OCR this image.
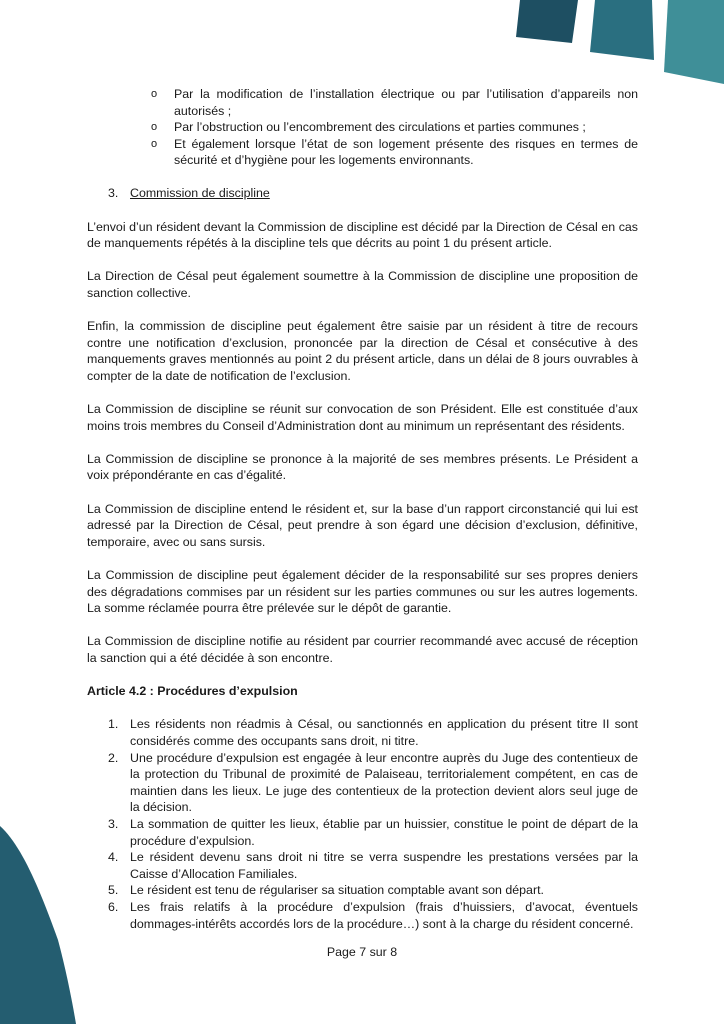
o Par la modification de l’installation électrique ou par l’utilisation d’appareils non autorisés ;
o Par l’obstruction ou l’encombrement des circulations et parties communes ;
o Et également lorsque l’état de son logement présente des risques en termes de sécurité et d’hygiène pour les logements environnants.
3. Commission de discipline

L’envoi d’un résident devant la Commission de discipline est décidé par la Direction de Césal en cas de manquements répétés à la discipline tels que décrits au point 1 du présent article.

La Direction de Césal peut également soumettre à la Commission de discipline une proposition de sanction collective.

Enfin, la commission de discipline peut également être saisie par un résident à titre de recours contre une notification d’exclusion, prononcée par la direction de Césal et consécutive à des manquements graves mentionnés au point 2 du présent article, dans un délai de 8 jours ouvrables à compter de la date de notification de l’exclusion.

La Commission de discipline se réunit sur convocation de son Président. Elle est constituée d’aux moins trois membres du Conseil d’Administration dont au minimum un représentant des résidents.

La Commission de discipline se prononce à la majorité de ses membres présents. Le Président a voix prépondérante en cas d’égalité.

La Commission de discipline entend le résident et, sur la base d’un rapport circonstancié qui lui est adressé par la Direction de Césal, peut prendre à son égard une décision d’exclusion, définitive, temporaire, avec ou sans sursis.

La Commission de discipline peut également décider de la responsabilité sur ses propres deniers des dégradations commises par un résident sur les parties communes ou sur les autres logements. La somme réclamée pourra être prélevée sur le dépôt de garantie.

La Commission de discipline notifie au résident par courrier recommandé avec accusé de réception la sanction qui a été décidée à son encontre.

Article 4.2 : Procédures d’expulsion

1. Les résidents non réadmis à Césal, ou sanctionnés en application du présent titre II sont considérés comme des occupants sans droit, ni titre.
2. Une procédure d’expulsion est engagée à leur encontre auprès du Juge des contentieux de la protection du Tribunal de proximité de Palaiseau, territorialement compétent, en cas de maintien dans les lieux. Le juge des contentieux de la protection devient alors seul juge de la décision.
3. La sommation de quitter les lieux, établie par un huissier, constitue le point de départ de la procédure d’expulsion.
4. Le résident devenu sans droit ni titre se verra suspendre les prestations versées par la Caisse d’Allocation Familiales.
5. Le résident est tenu de régulariser sa situation comptable avant son départ.
6. Les frais relatifs à la procédure d’expulsion (frais d’huissiers, d’avocat, éventuels dommages-intérêts accordés lors de la procédure…) sont à la charge du résident concerné.
Page 7 sur 8
